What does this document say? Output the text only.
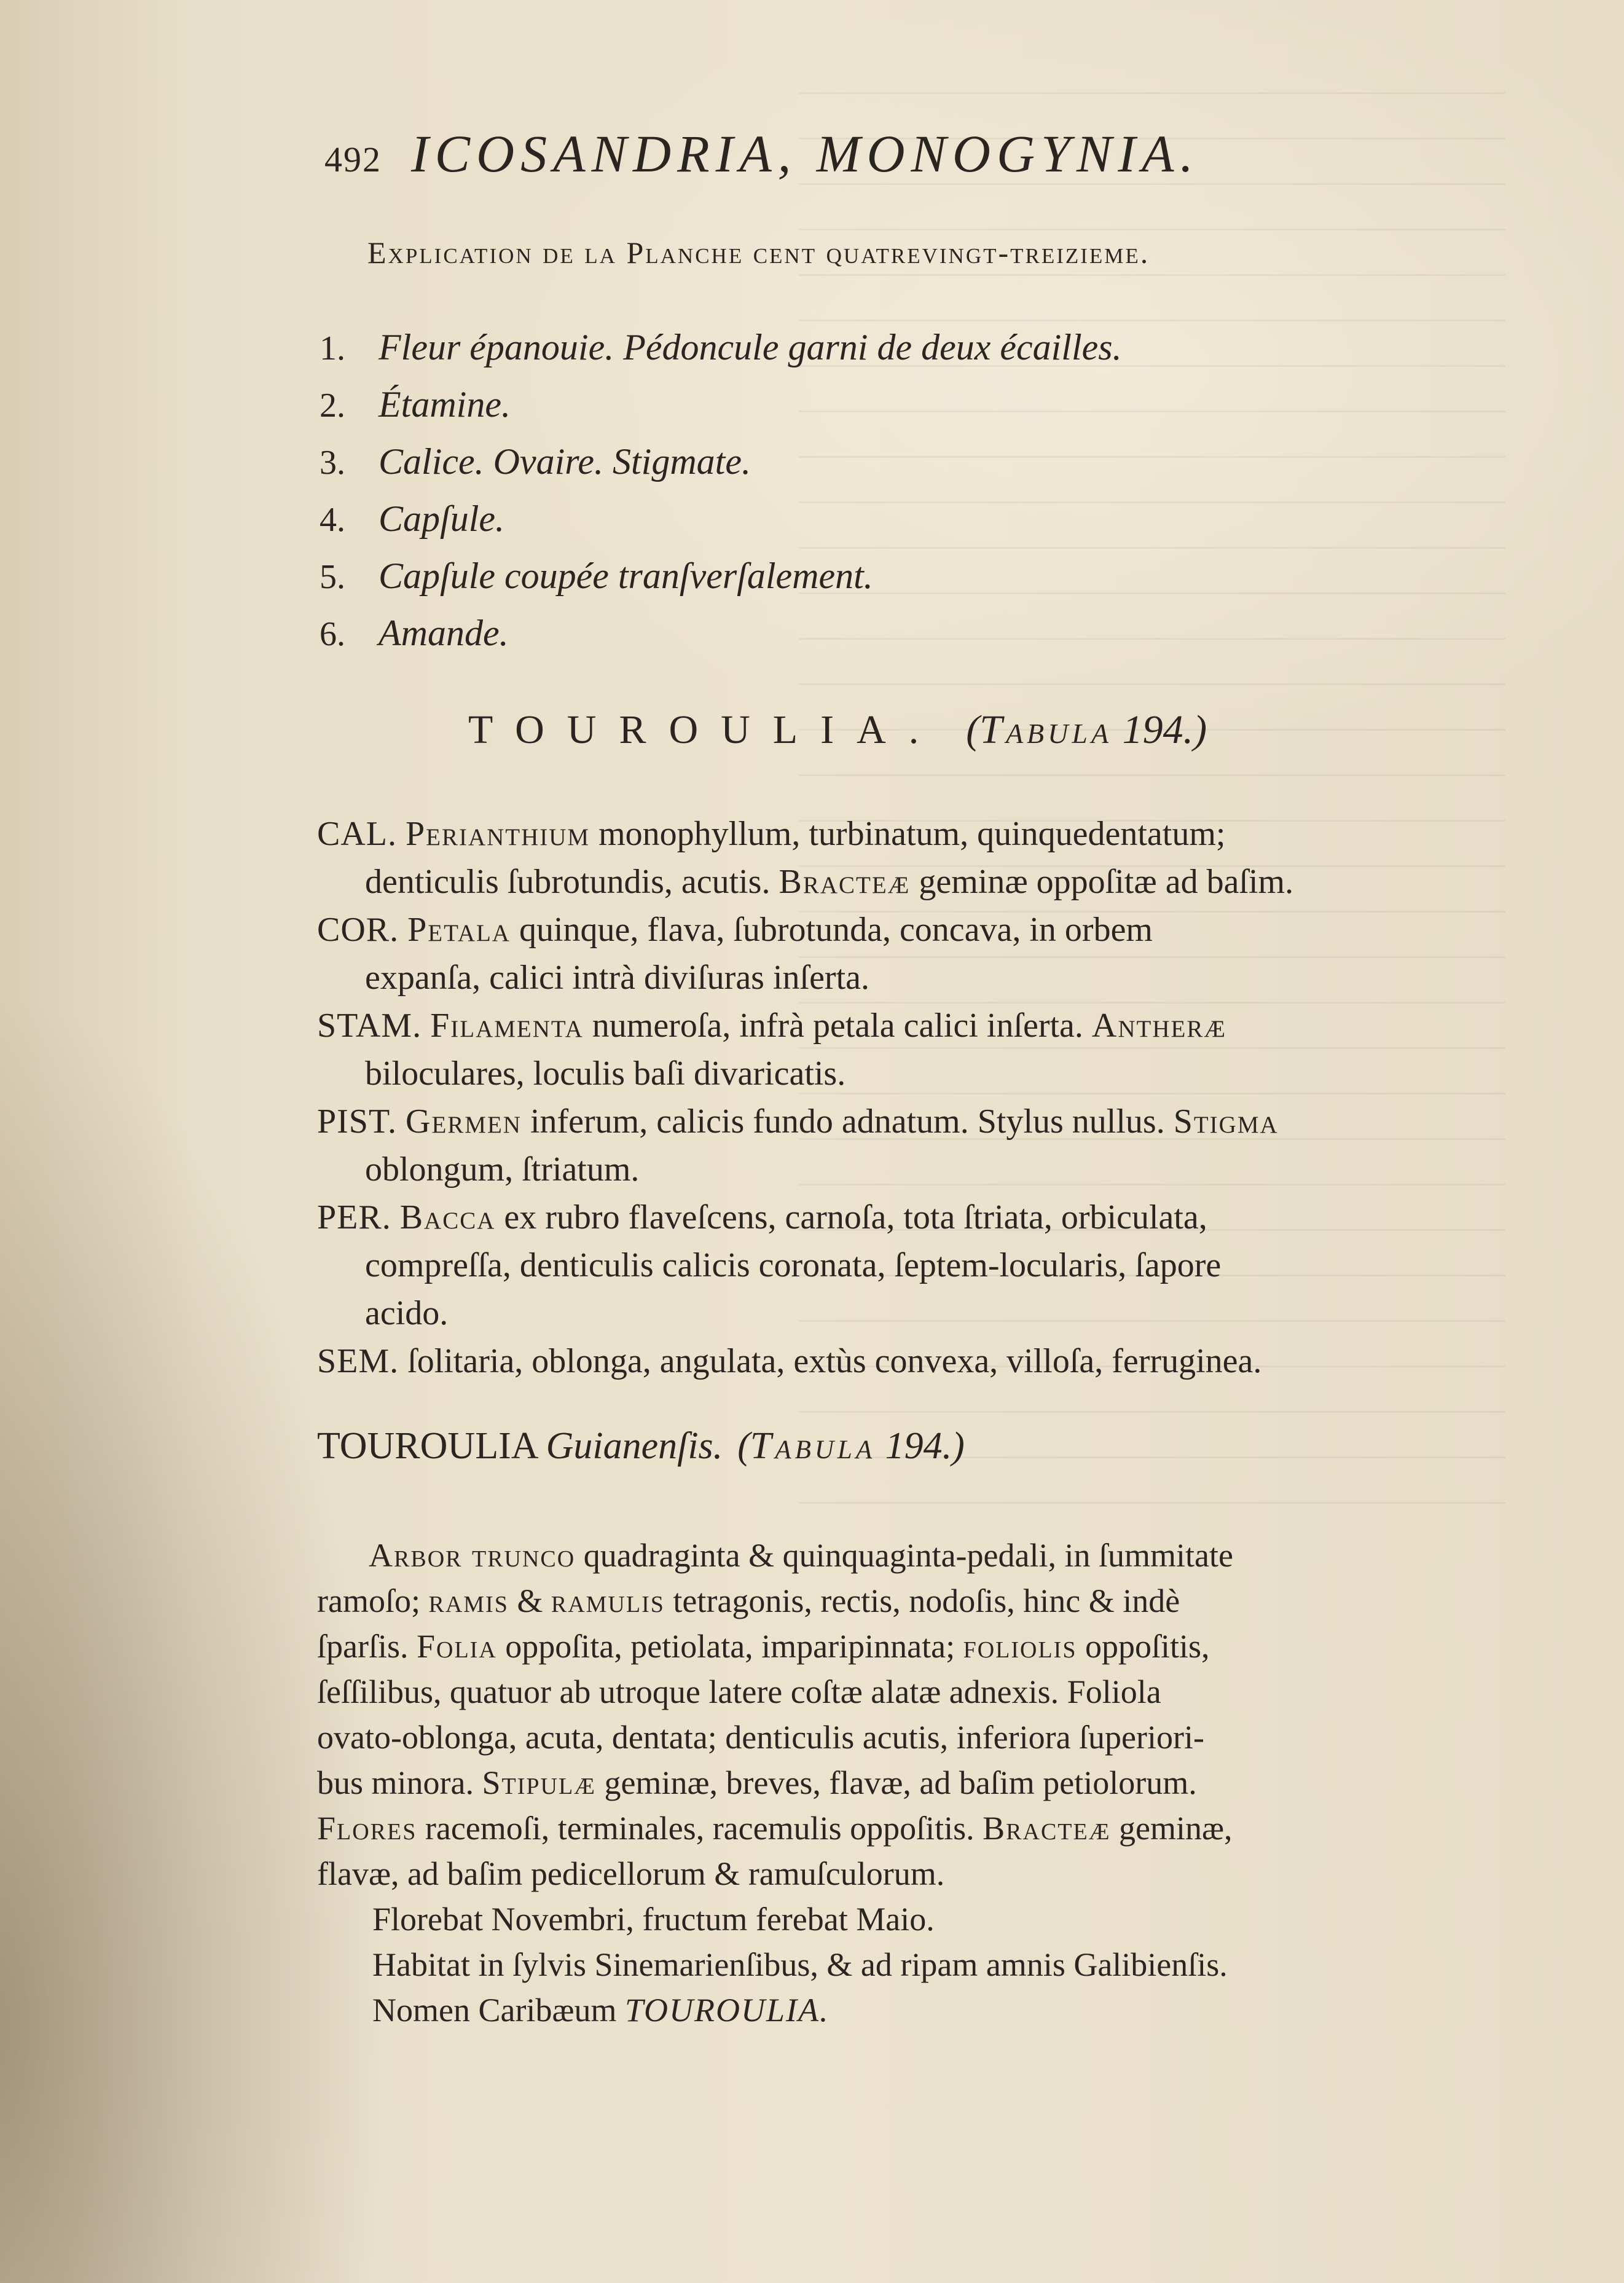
492 ICOSANDRIA, MONOGYNIA.
Explication de la Planche cent quatrevingt-treizieme.
1. Fleur épanouie. Pédoncule garni de deux écailles.
2. Étamine.
3. Calice. Ovaire. Stigmate.
4. Capſule.
5. Capſule coupée tranſverſalement.
6. Amande.
TOUROULIA. (Tabula 194.)
CAL. Perianthium monophyllum, turbinatum, quinquedentatum;
denticulis ſubrotundis, acutis. Bracteæ geminæ oppoſitæ ad baſim.
COR. Petala quinque, flava, ſubrotunda, concava, in orbem
expanſa, calici intrà diviſuras inſerta.
STAM. Filamenta numeroſa, infrà petala calici inſerta. Antheræ
biloculares, loculis baſi divaricatis.
PIST. Germen inferum, calicis fundo adnatum. Stylus nullus. Stigma
oblongum, ſtriatum.
PER. Bacca ex rubro flaveſcens, carnoſa, tota ſtriata, orbiculata,
compreſſa, denticulis calicis coronata, ſeptem-locularis, ſapore
acido.
SEM. ſolitaria, oblonga, angulata, extùs convexa, villoſa, ferruginea.
TOUROULIA Guianenſis. (Tabula 194.)
Arbor trunco quadraginta & quinquaginta-pedali, in ſummitate
ramoſo; ramis & ramulis tetragonis, rectis, nodoſis, hinc & indè
ſparſis. Folia oppoſita, petiolata, imparipinnata; foliolis oppoſitis,
ſeſſilibus, quatuor ab utroque latere coſtæ alatæ adnexis. Foliola
ovato-oblonga, acuta, dentata; denticulis acutis, inferiora ſuperiori-
bus minora. Stipulæ geminæ, breves, flavæ, ad baſim petiolorum.
Flores racemoſi, terminales, racemulis oppoſitis. Bracteæ geminæ,
flavæ, ad baſim pedicellorum & ramuſculorum.
Florebat Novembri, fructum ferebat Maio.
Habitat in ſylvis Sinemarienſibus, & ad ripam amnis Galibienſis.
Nomen Caribæum TOUROULIA.
